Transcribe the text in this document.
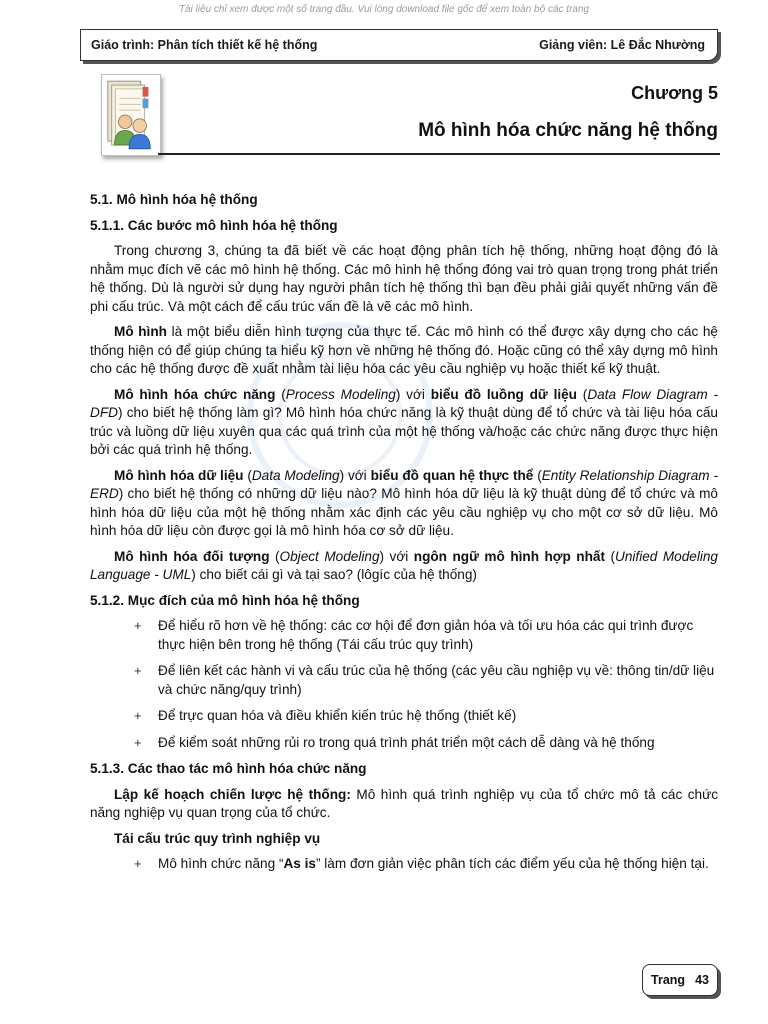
Tài liệu chỉ xem được một số trang đầu. Vui lòng download file gốc để xem toàn bộ các trang
Giáo trình: Phân tích thiết kế hệ thống	Giảng viên: Lê Đắc Nhường
Chương 5
Mô hình hóa chức năng hệ thống
5.1. Mô hình hóa hệ thống
5.1.1. Các bước mô hình hóa hệ thống

Trong chương 3, chúng ta đã biết về các hoạt động phân tích hệ thống, những hoạt động đó là nhằm mục đích vẽ các mô hình hệ thống. Các mô hình hệ thống đóng vai trò quan trọng trong phát triển hệ thống. Dù là người sử dụng hay người phân tích hệ thống thì bạn đều phải giải quyết những vấn đề phi cấu trúc. Và một cách để cấu trúc vấn đề là vẽ các mô hình.

Mô hình là một biểu diễn hình tượng của thực tế. Các mô hình có thể được xây dựng cho các hệ thống hiện có để giúp chúng ta hiểu kỹ hơn về những hệ thống đó. Hoặc cũng có thể xây dựng mô hình cho các hệ thống được đề xuất nhằm tài liệu hóa các yêu cầu nghiệp vụ hoặc thiết kế kỹ thuật.

Mô hình hóa chức năng (Process Modeling) với biểu đồ luồng dữ liệu (Data Flow Diagram - DFD) cho biết hệ thống làm gì? Mô hình hóa chức năng là kỹ thuật dùng để tổ chức và tài liệu hóa cấu trúc và luồng dữ liệu xuyên qua các quá trình của một hệ thống và/hoặc các chức năng được thực hiện bởi các quá trình hệ thống.

Mô hình hóa dữ liệu (Data Modeling) với biểu đồ quan hệ thực thể (Entity Relationship Diagram - ERD) cho biết hệ thống có những dữ liệu nào? Mô hình hóa dữ liệu là kỹ thuật dùng để tổ chức và mô hình hóa dữ liệu của một hệ thống nhằm xác định các yêu cầu nghiệp vụ cho một cơ sở dữ liệu. Mô hình hóa dữ liệu còn được gọi là mô hình hóa cơ sở dữ liệu.

Mô hình hóa đối tượng (Object Modeling) với ngôn ngữ mô hình hợp nhất (Unified Modeling Language - UML) cho biết cái gì và tại sao? (lôgíc của hệ thống)

5.1.2. Mục đích của mô hình hóa hệ thống
+ Để hiểu rõ hơn về hệ thống: các cơ hội để đơn giản hóa và tối ưu hóa các qui trình được thực hiện bên trong hệ thống (Tái cấu trúc quy trình)
+ Để liên kết các hành vi và cấu trúc của hệ thống (các yêu cầu nghiệp vụ về: thông tin/dữ liệu và chức năng/quy trình)
+ Để trực quan hóa và điều khiển kiến trúc hệ thống (thiết kế)
+ Để kiểm soát những rủi ro trong quá trình phát triển một cách dễ dàng và hệ thống
5.1.3. Các thao tác mô hình hóa chức năng

Lập kế hoạch chiến lược hệ thống: Mô hình quá trình nghiệp vụ của tổ chức mô tả các chức năng nghiệp vụ quan trọng của tổ chức.

Tái cấu trúc quy trình nghiệp vụ
+ Mô hình chức năng “As is” làm đơn giản việc phân tích các điểm yếu của hệ thống hiện tại.
Trang 43
